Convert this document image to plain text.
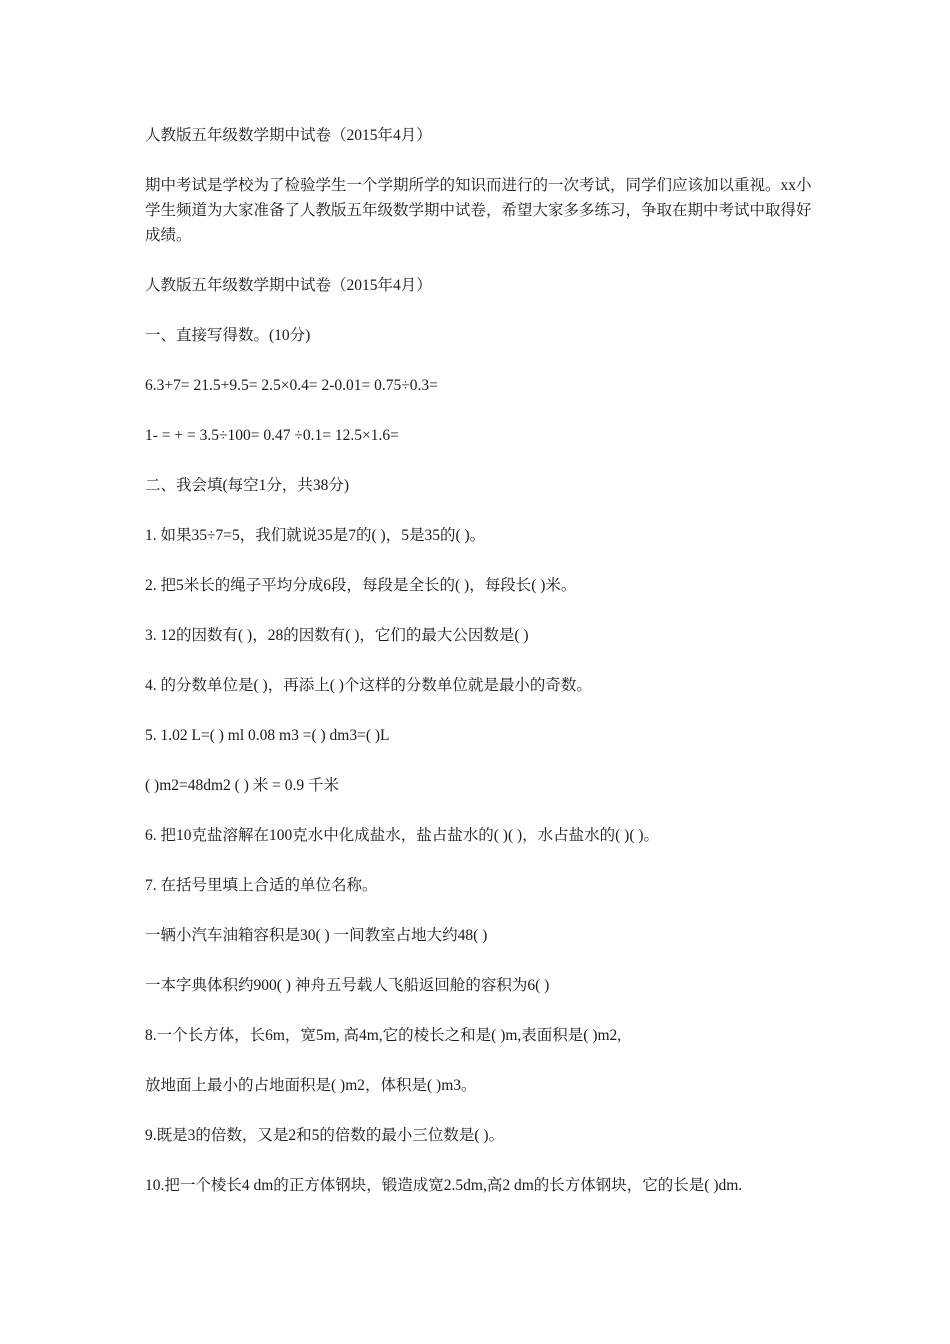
人教版五年级数学期中试卷（2015年4月）

期中考试是学校为了检验学生一个学期所学的知识而进行的一次考试，同学们应该加以重视。xx小学生频道为大家准备了人教版五年级数学期中试卷，希望大家多多练习，争取在期中考试中取得好成绩。

人教版五年级数学期中试卷（2015年4月）

一、直接写得数。(10分)

6.3+7= 21.5+9.5= 2.5×0.4= 2-0.01= 0.75÷0.3=

1- = + = 3.5÷100= 0.47 ÷0.1= 12.5×1.6=

二、我会填(每空1分，共38分)

1. 如果35÷7=5，我们就说35是7的( )，5是35的( )。

2. 把5米长的绳子平均分成6段，每段是全长的( )，每段长( )米。

3. 12的因数有( )，28的因数有( )，它们的最大公因数是( )

4. 的分数单位是( )，再添上( )个这样的分数单位就是最小的奇数。

5. 1.02 L=( ) ml 0.08 m3 =( ) dm3=( )L

( )m2=48dm2 ( ) 米 = 0.9 千米

6. 把10克盐溶解在100克水中化成盐水，盐占盐水的( )( )，水占盐水的( )( )。

7. 在括号里填上合适的单位名称。

一辆小汽车油箱容积是30( ) 一间教室占地大约48( )

一本字典体积约900( ) 神舟五号载人飞船返回舱的容积为6( )

8.一个长方体，长6m，宽5m, 高4m,它的棱长之和是( )m,表面积是( )m2,

放地面上最小的占地面积是( )m2，体积是( )m3。

9.既是3的倍数，又是2和5的倍数的最小三位数是( )。

10.把一个棱长4 dm的正方体钢块，锻造成宽2.5dm,高2 dm的长方体钢块，它的长是( )dm.
